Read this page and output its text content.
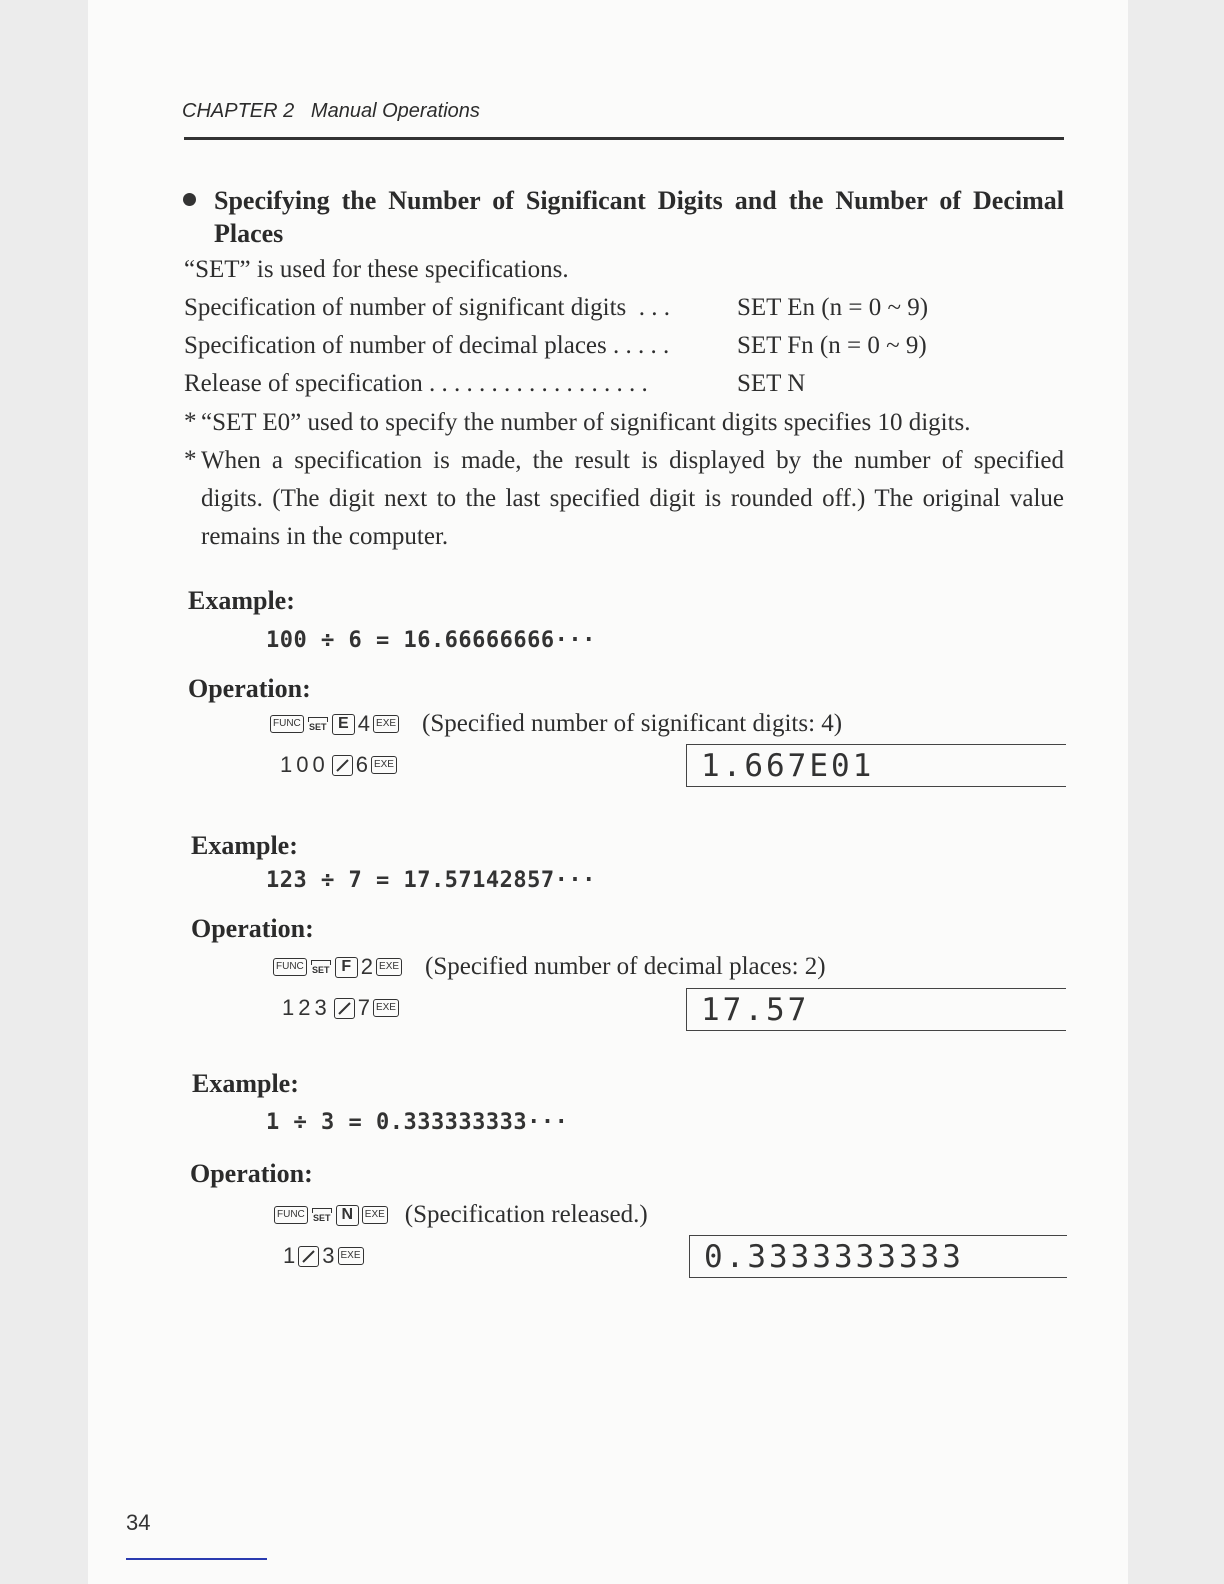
CHAPTER 2 Manual Operations
Specifying the Number of Significant Digits and the Number of Decimal Places
“SET” is used for these specifications.
Specification of number of significant digits  . . .	SET En (n = 0 ~ 9)
Specification of number of decimal places . . . . .	SET Fn (n = 0 ~ 9)
Release of specification . . . . . . . . . . . . . . . . . .	SET N
* “SET E0” used to specify the number of significant digits specifies 10 digits.
* When a specification is made, the result is displayed by the number of specified digits. (The digit next to the last specified digit is rounded off.) The original value remains in the computer.
Example:
100 ÷ 6 = 16.66666666···
Operation:
FUNC SET E 4 EXE (Specified number of significant digits: 4)
100 6 EXE	1.667E01
Example:
123 ÷ 7 = 17.57142857···
Operation:
FUNC SET F 2 EXE (Specified number of decimal places: 2)
123 7 EXE	17.57
Example:
1 ÷ 3 = 0.333333333···
Operation:
FUNC SET N	EXE (Specification released.)
1 3 EXE	0.3333333333
34
